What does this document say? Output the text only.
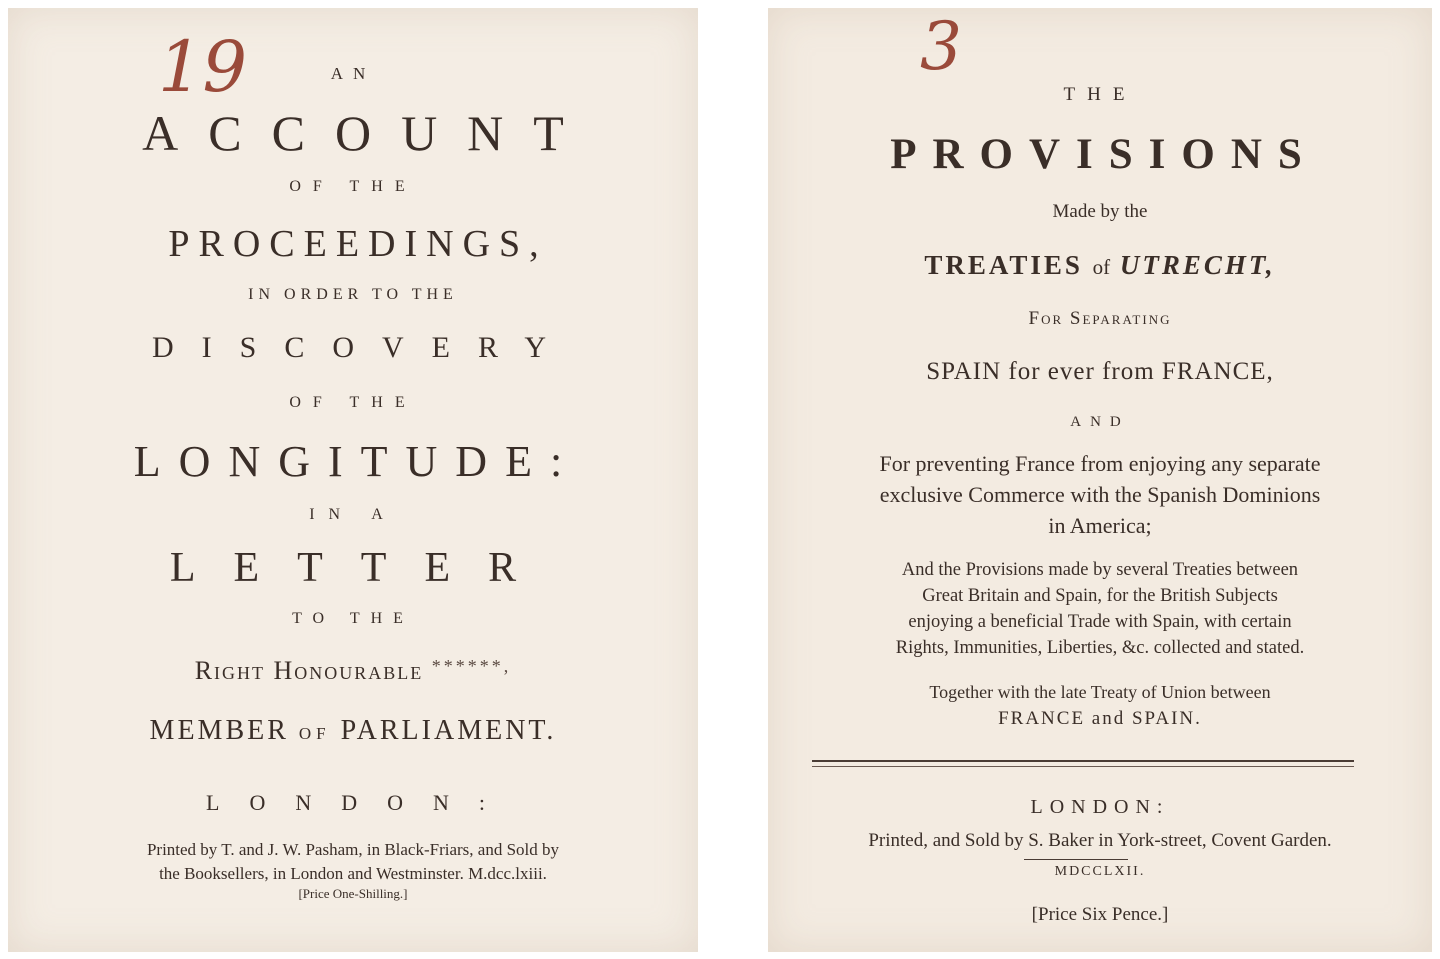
19	AN
ACCOUNT
OF THE
PROCEEDINGS,
IN ORDER TO THE
DISCOVERY
OF THE
LONGITUDE:
IN A
LETTER
TO THE
Right Honourable ******,
MEMBER OF PARLIAMENT.
LONDON:
Printed by T. and J. W. Pasham, in Black-Friars, and Sold by
the Booksellers, in London and Westminster. M.dcc.lxiii.
[Price One-Shilling.]
3
THE
PROVISIONS
Made by the
TREATIES of UTRECHT,
For Separating
SPAIN for ever from FRANCE,
AND
For preventing France from enjoying any separate
exclusive Commerce with the Spanish Dominions
in America;
And the Provisions made by several Treaties between
Great Britain and Spain, for the British Subjects
enjoying a beneficial Trade with Spain, with certain
Rights, Immunities, Liberties, &c. collected and stated.
Together with the late Treaty of Union between
FRANCE and SPAIN.
LONDON:
Printed, and Sold by S. Baker in York-street, Covent Garden.
MDCCLXII.
[Price Six Pence.]
